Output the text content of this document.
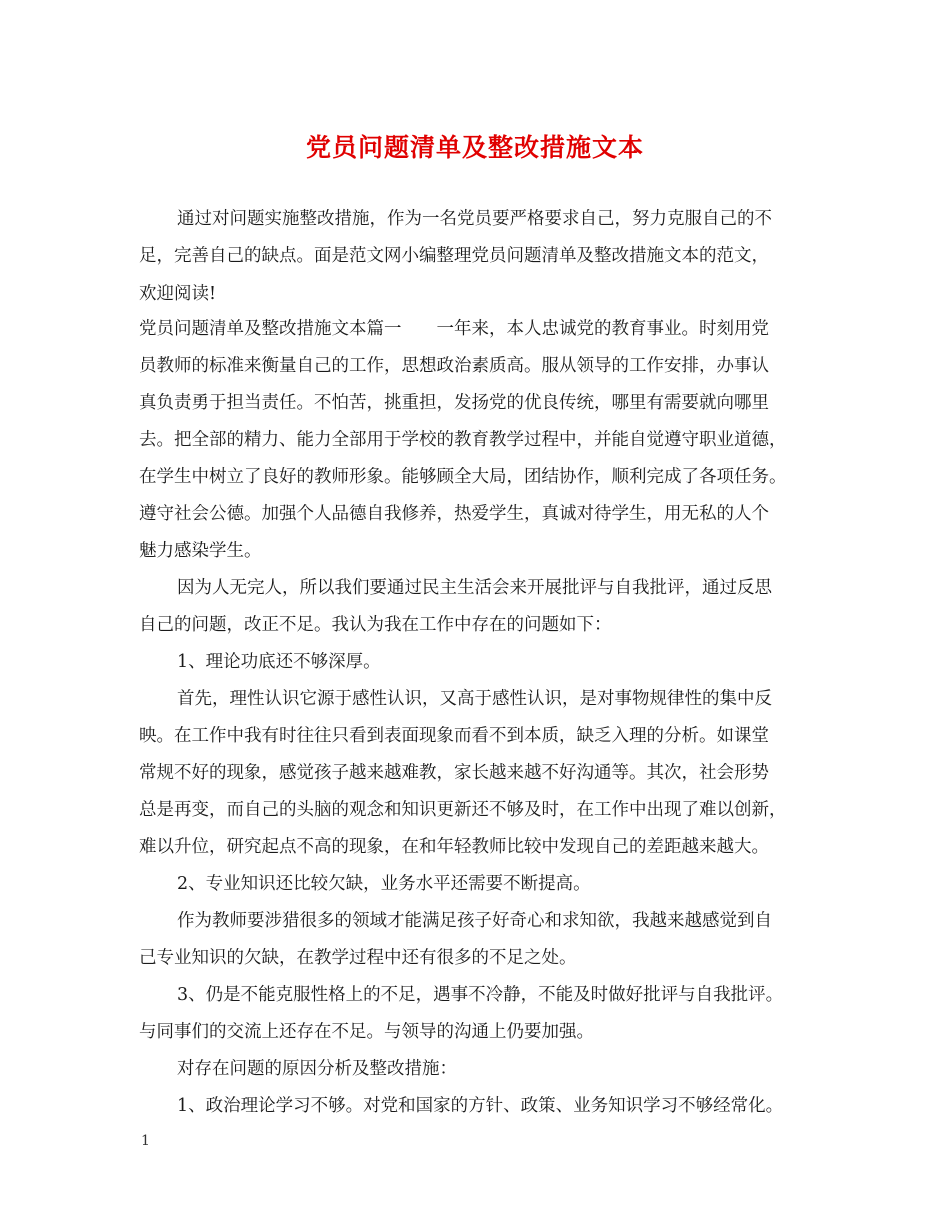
党员问题清单及整改措施文本
通过对问题实施整改措施，作为一名党员要严格要求自己，努力克服自己的不
足，完善自己的缺点。面是范文网小编整理党员问题清单及整改措施文本的范文，
欢迎阅读!
党员问题清单及整改措施文本篇一　　一年来，本人忠诚党的教育事业。时刻用党
员教师的标准来衡量自己的工作，思想政治素质高。服从领导的工作安排，办事认
真负责勇于担当责任。不怕苦，挑重担，发扬党的优良传统，哪里有需要就向哪里
去。把全部的精力、能力全部用于学校的教育教学过程中，并能自觉遵守职业道德，
在学生中树立了良好的教师形象。能够顾全大局，团结协作，顺利完成了各项任务。
遵守社会公德。加强个人品德自我修养，热爱学生，真诚对待学生，用无私的人个
魅力感染学生。
因为人无完人，所以我们要通过民主生活会来开展批评与自我批评，通过反思
自己的问题，改正不足。我认为我在工作中存在的问题如下：
1、理论功底还不够深厚。
首先，理性认识它源于感性认识，又高于感性认识，是对事物规律性的集中反
映。在工作中我有时往往只看到表面现象而看不到本质，缺乏入理的分析。如课堂
常规不好的现象，感觉孩子越来越难教，家长越来越不好沟通等。其次，社会形势
总是再变，而自己的头脑的观念和知识更新还不够及时，在工作中出现了难以创新，
难以升位，研究起点不高的现象，在和年轻教师比较中发现自己的差距越来越大。
2、专业知识还比较欠缺，业务水平还需要不断提高。
作为教师要涉猎很多的领域才能满足孩子好奇心和求知欲，我越来越感觉到自
己专业知识的欠缺，在教学过程中还有很多的不足之处。
3、仍是不能克服性格上的不足，遇事不冷静，不能及时做好批评与自我批评。
与同事们的交流上还存在不足。与领导的沟通上仍要加强。
对存在问题的原因分析及整改措施：
1、政治理论学习不够。对党和国家的方针、政策、业务知识学习不够经常化。
1
